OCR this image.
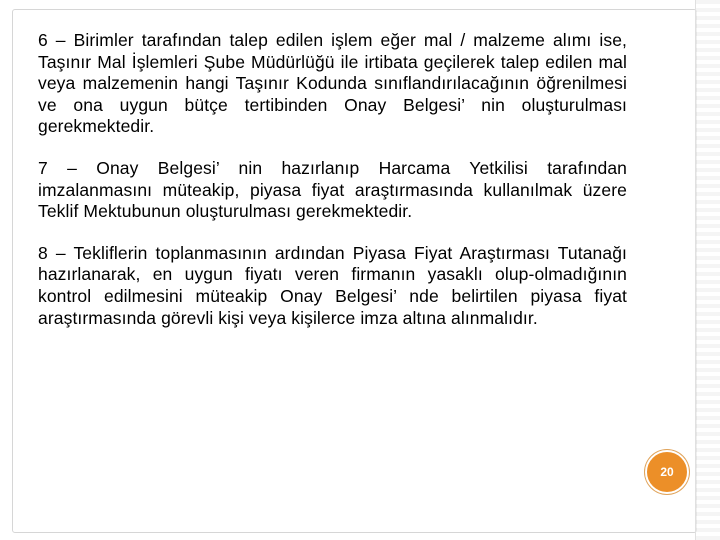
6 – Birimler tarafından talep edilen işlem eğer mal / malzeme alımı ise, Taşınır Mal İşlemleri Şube Müdürlüğü ile irtibata geçilerek talep edilen mal veya malzemenin hangi Taşınır Kodunda sınıflandırılacağının öğrenilmesi ve ona uygun bütçe tertibinden Onay Belgesi’ nin oluşturulması gerekmektedir.

7 – Onay Belgesi’ nin hazırlanıp Harcama Yetkilisi tarafından imzalanmasını müteakip, piyasa fiyat araştırmasında kullanılmak üzere Teklif Mektubunun oluşturulması gerekmektedir.

8 – Tekliflerin toplanmasının ardından Piyasa Fiyat Araştırması Tutanağı hazırlanarak, en uygun fiyatı veren firmanın yasaklı olup-olmadığının kontrol edilmesini müteakip Onay Belgesi’ nde belirtilen piyasa fiyat araştırmasında görevli kişi veya kişilerce imza altına alınmalıdır.

20
